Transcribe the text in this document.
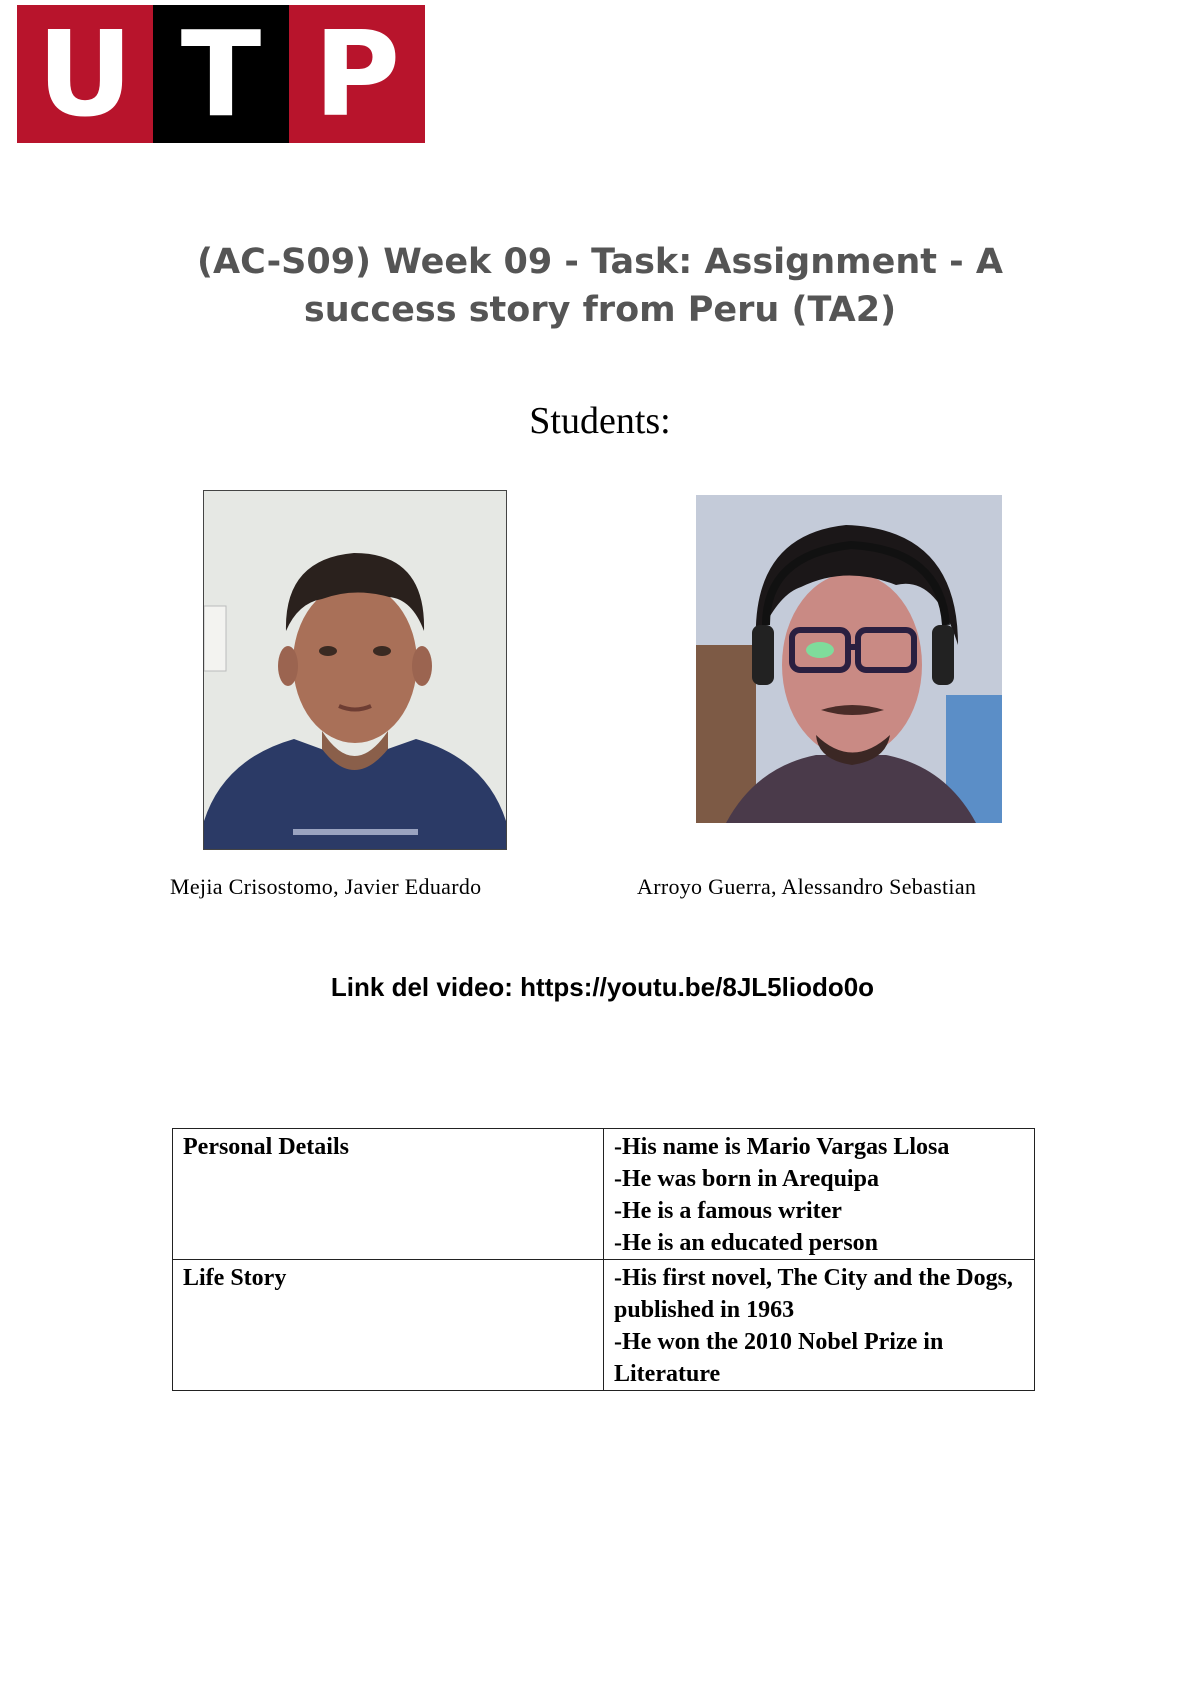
U T P
(AC-S09) Week 09 - Task: Assignment - A success story from Peru (TA2)
Students:
Mejia Crisostomo, Javier Eduardo	Arroyo Guerra, Alessandro Sebastian
Link del video: https://youtu.be/8JL5liodo0o
Personal Details	-His name is Mario Vargas Llosa
-He was born in Arequipa
-He is a famous writer
-He is an educated person

Life Story	-His first novel, The City and the Dogs, published in 1963
-He won the 2010 Nobel Prize in Literature
